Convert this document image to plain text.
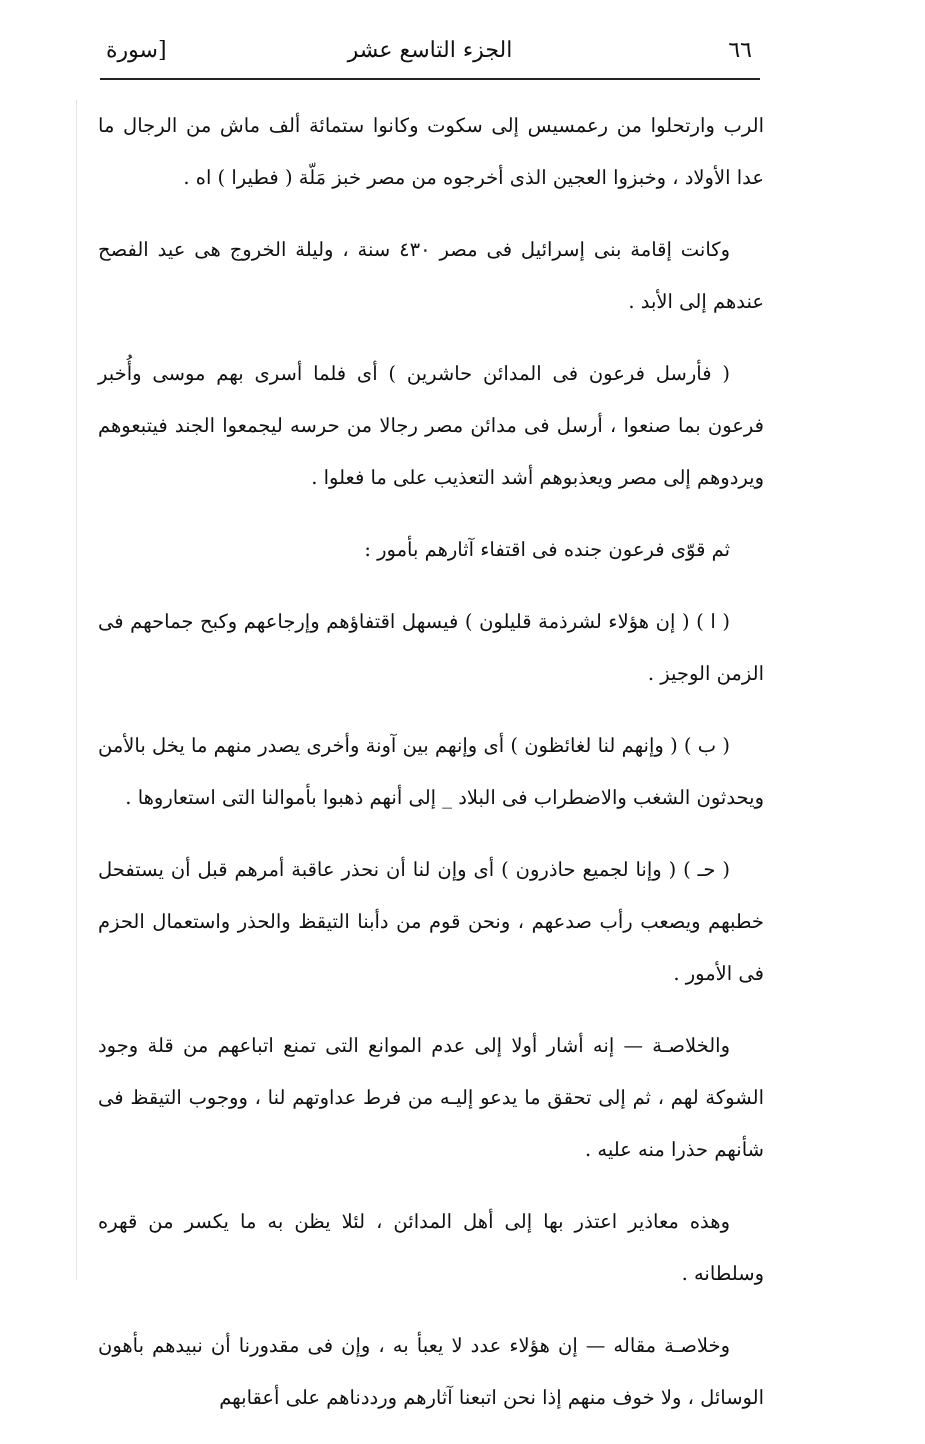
٦٦
الجزء التاسع عشر
سورة]

الرب وارتحلوا من رعمسيس إلى سكوت وكانوا ستمائة ألف ماش من الرجال ما عدا الأولاد ، وخبزوا العجين الذى أخرجوه من مصر خبز مَلّة ( فطيرا ) اه .

وكانت إقامة بنى إسرائيل فى مصر ٤٣٠ سنة ، وليلة الخروج هى عيد الفصح عندهم إلى الأبد .

( فأرسل فرعون فى المدائن حاشرين ) أى فلما أسرى بهم موسى وأُخبر فرعون بما صنعوا ، أرسل فى مدائن مصر رجالا من حرسه ليجمعوا الجند فيتبعوهم ويردوهم إلى مصر ويعذبوهم أشد التعذيب على ما فعلوا .

ثم قوّى فرعون جنده فى اقتفاء آثارهم بأمور :

( ا ) ( إن هؤلاء لشرذمة قليلون ) فيسهل اقتفاؤهم وإرجاعهم وكبح جماحهم فى الزمن الوجيز .

( ب ) ( وإنهم لنا لغائظون ) أى وإنهم بين آونة وأخرى يصدر منهم ما يخل بالأمن ويحدثون الشغب والاضطراب فى البلاد _ إلى أنهم ذهبوا بأموالنا التى استعاروها .

( حـ ) ( وإنا لجميع حاذرون ) أى وإن لنا أن نحذر عاقبة أمرهم قبل أن يستفحل خطبهم ويصعب رأب صدعهم ، ونحن قوم من دأبنا التيقظ والحذر واستعمال الحزم فى الأمور .

والخلاصـة — إنه أشار أولا إلى عدم الموانع التى تمنع اتباعهم من قلة وجود الشوكة لهم ، ثم إلى تحقق ما يدعو إليـه من فرط عداوتهم لنا ، ووجوب التيقظ فى شأنهم حذرا منه عليه .

وهذه معاذير اعتذر بها إلى أهل المدائن ، لئلا يظن به ما يكسر من قهره وسلطانه .

وخلاصـة مقاله — إن هؤلاء عدد لا يعبأ به ، وإن فى مقدورنا أن نبيدهم بأهون الوسائل ، ولا خوف منهم إذا نحن اتبعنا آثارهم ورددناهم على أعقابهم
